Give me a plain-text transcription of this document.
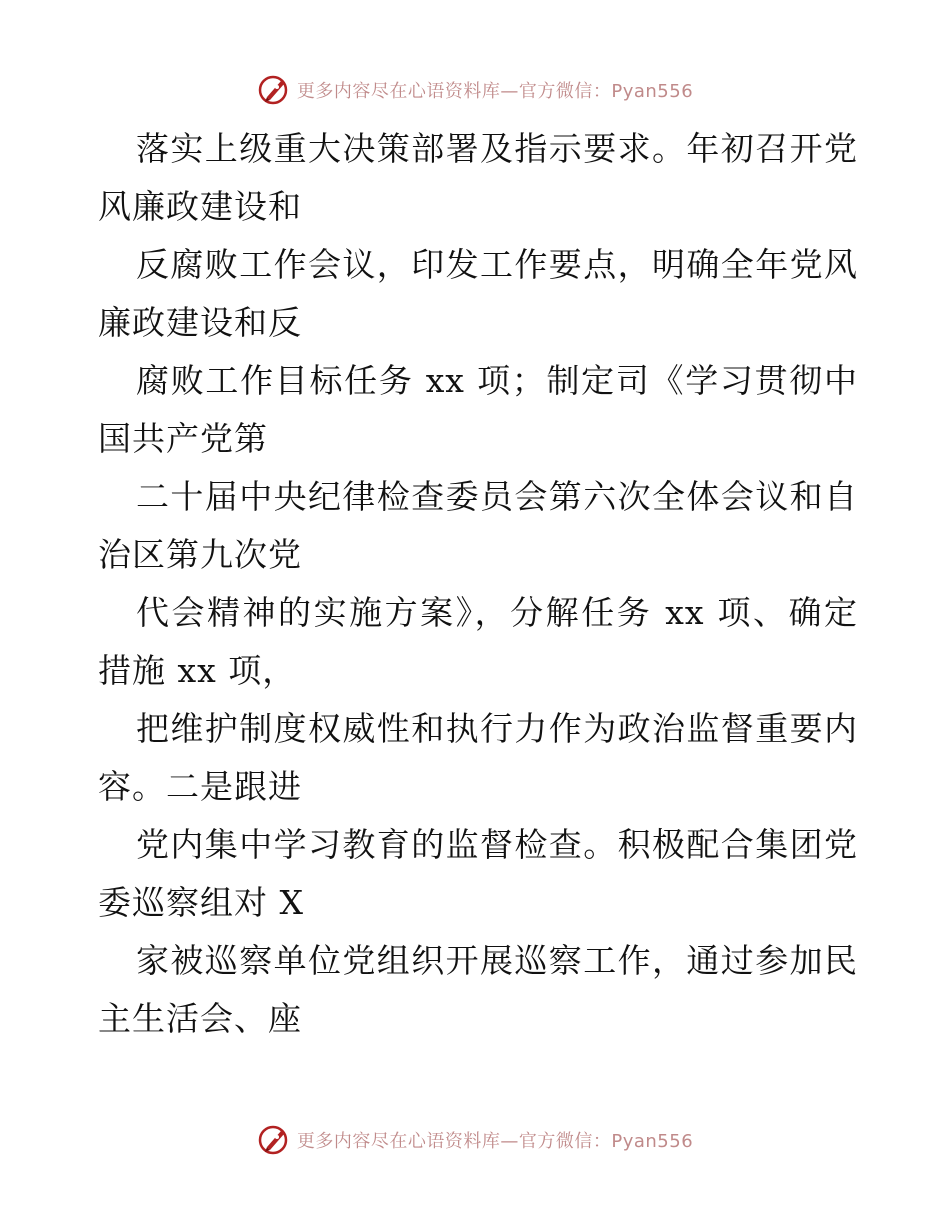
更多内容尽在心语资料库—官方微信：Pyan556

落实上级重大决策部署及指示要求。年初召开党风廉政建设和

反腐败工作会议，印发工作要点，明确全年党风廉政建设和反

腐败工作目标任务 xx 项；制定司《学习贯彻中国共产党第

二十届中央纪律检查委员会第六次全体会议和自治区第九次党

代会精神的实施方案》，分解任务 xx 项、确定措施 xx 项，

把维护制度权威性和执行力作为政治监督重要内容。二是跟进

党内集中学习教育的监督检查。积极配合集团党委巡察组对 X

家被巡察单位党组织开展巡察工作，通过参加民主生活会、座

更多内容尽在心语资料库—官方微信：Pyan556
